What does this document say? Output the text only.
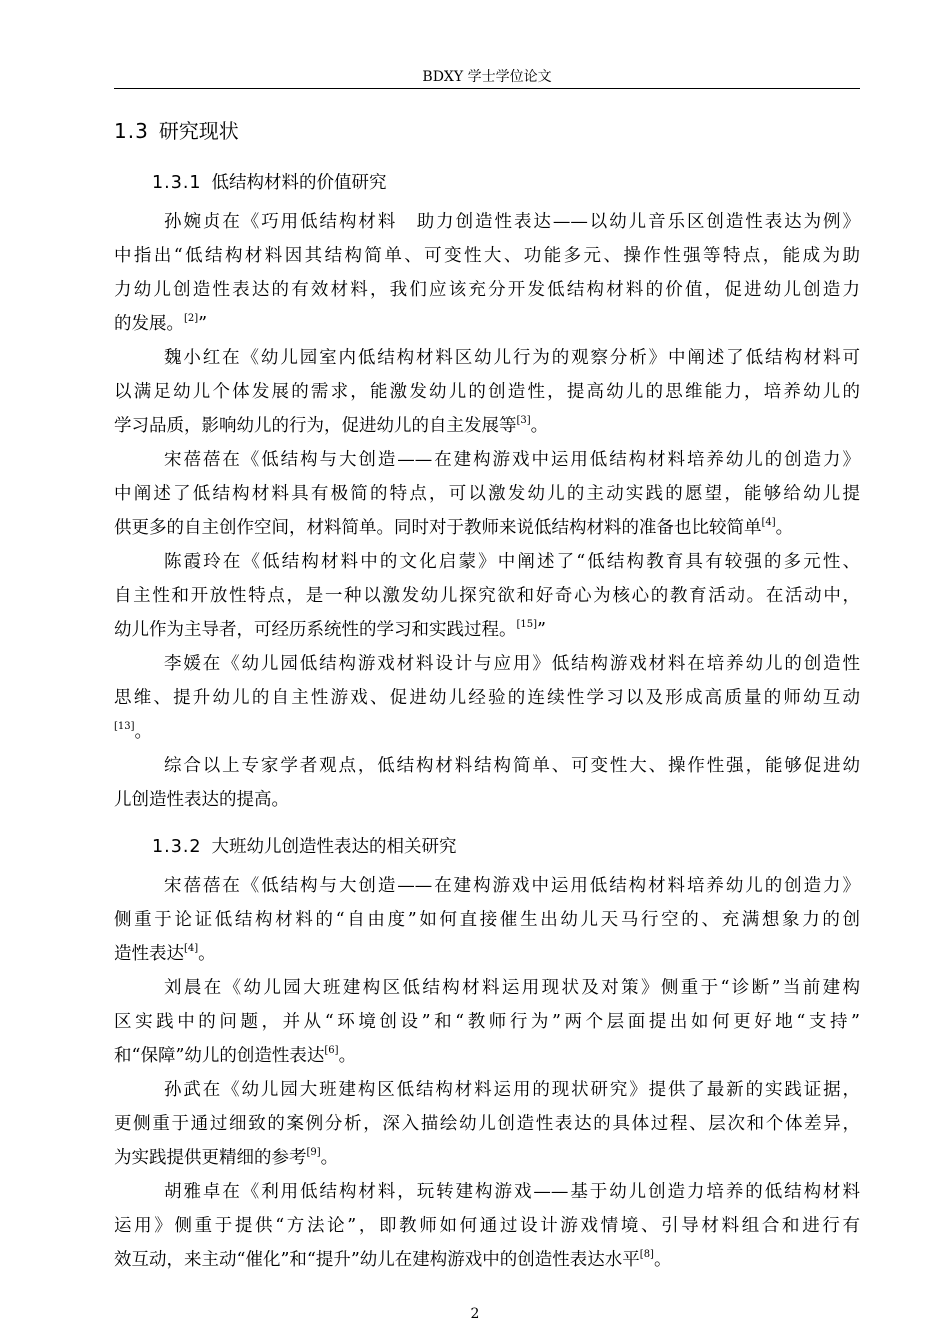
BDXY 学士学位论文
1.3 研究现状
1.3.1 低结构材料的价值研究
孙婉贞在《巧用低结构材料　助力创造性表达——以幼儿音乐区创造性表达为例》
中指出“低结构材料因其结构简单、可变性大、功能多元、操作性强等特点，能成为助
力幼儿创造性表达的有效材料，我们应该充分开发低结构材料的价值，促进幼儿创造力
的发展。[2]”
魏小红在《幼儿园室内低结构材料区幼儿行为的观察分析》中阐述了低结构材料可
以满足幼儿个体发展的需求，能激发幼儿的创造性，提高幼儿的思维能力，培养幼儿的
学习品质，影响幼儿的行为，促进幼儿的自主发展等[3]。
宋蓓蓓在《低结构与大创造——在建构游戏中运用低结构材料培养幼儿的创造力》
中阐述了低结构材料具有极简的特点，可以激发幼儿的主动实践的愿望，能够给幼儿提
供更多的自主创作空间，材料简单。同时对于教师来说低结构材料的准备也比较简单[4]。
陈霞玲在《低结构材料中的文化启蒙》中阐述了“低结构教育具有较强的多元性、
自主性和开放性特点，是一种以激发幼儿探究欲和好奇心为核心的教育活动。在活动中，
幼儿作为主导者，可经历系统性的学习和实践过程。[15]”
李媛在《幼儿园低结构游戏材料设计与应用》低结构游戏材料在培养幼儿的创造性
思维、提升幼儿的自主性游戏、促进幼儿经验的连续性学习以及形成高质量的师幼互动
[13]。
综合以上专家学者观点，低结构材料结构简单、可变性大、操作性强，能够促进幼
儿创造性表达的提高。
1.3.2 大班幼儿创造性表达的相关研究
宋蓓蓓在《低结构与大创造——在建构游戏中运用低结构材料培养幼儿的创造力》
侧重于论证低结构材料的“自由度”如何直接催生出幼儿天马行空的、充满想象力的创
造性表达[4]。
刘晨在《幼儿园大班建构区低结构材料运用现状及对策》侧重于“诊断”当前建构
区实践中的问题，并从“环境创设”和“教师行为”两个层面提出如何更好地“支持”
和“保障”幼儿的创造性表达[6]。
孙武在《幼儿园大班建构区低结构材料运用的现状研究》提供了最新的实践证据，
更侧重于通过细致的案例分析，深入描绘幼儿创造性表达的具体过程、层次和个体差异，
为实践提供更精细的参考[9]。
胡雅卓在《利用低结构材料，玩转建构游戏——基于幼儿创造力培养的低结构材料
运用》侧重于提供“方法论”，即教师如何通过设计游戏情境、引导材料组合和进行有
效互动，来主动“催化”和“提升”幼儿在建构游戏中的创造性表达水平[8]。
2
